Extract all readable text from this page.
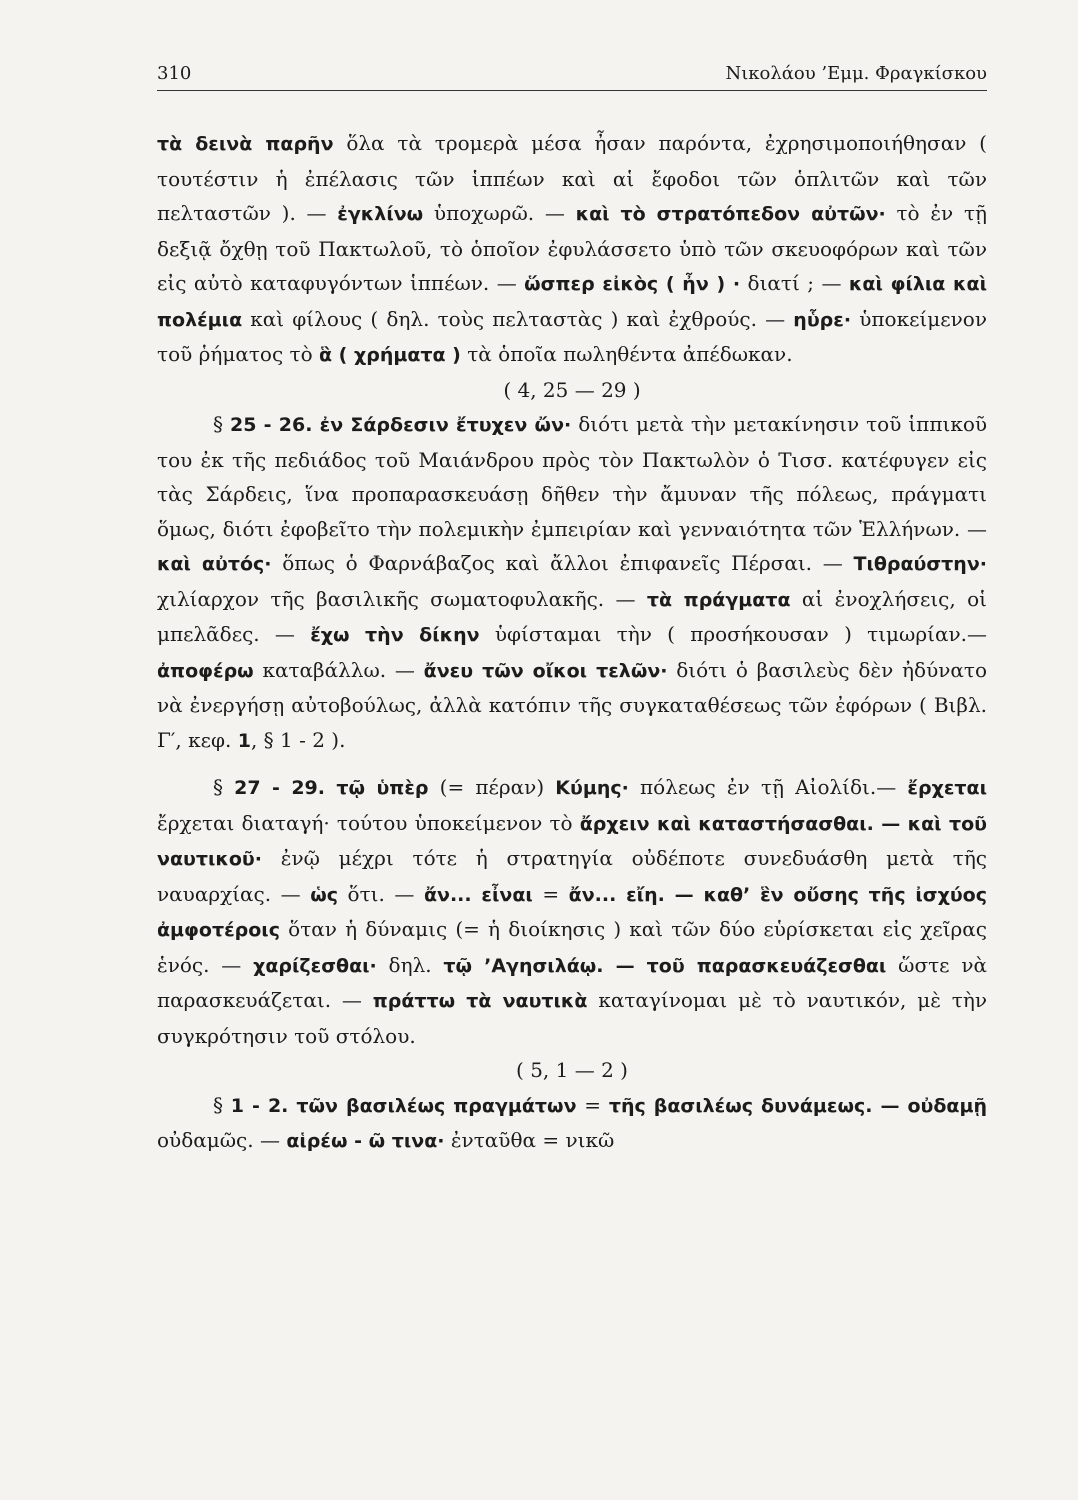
310	Νικολάου ’Εμμ. Φραγκίσκου

τὰ δεινὰ παρῆν ὅλα τὰ τρομερὰ μέσα ἦσαν παρόντα, ἐχρησιμοποιήθησαν ( τουτέστιν ἡ ἐπέλασις τῶν ἱππέων καὶ αἱ ἔφοδοι τῶν ὁπλιτῶν καὶ τῶν πελταστῶν ). — ἐγκλίνω ὑποχωρῶ. — καὶ τὸ στρατόπεδον αὐτῶν· τὸ ἐν τῇ δεξιᾷ ὄχθῃ τοῦ Πακτωλοῦ, τὸ ὁποῖον ἐφυλάσσετο ὑπὸ τῶν σκευοφόρων καὶ τῶν εἰς αὐτὸ καταφυγόντων ἱππέων. — ὥσπερ εἰκὸς ( ἦν ) · διατί ; — καὶ φίλια καὶ πολέμια καὶ φίλους ( δηλ. τοὺς πελταστὰς ) καὶ ἐχθρούς. — ηὗρε· ὑποκείμενον τοῦ ῥήματος τὸ ἃ ( χρήματα ) τὰ ὁποῖα πωληθέντα ἀπέδωκαν.

( 4, 25 — 29 )

§ 25 - 26. ἐν Σάρδεσιν ἔτυχεν ὤν· διότι μετὰ τὴν μετακίνησιν τοῦ ἱππικοῦ του ἐκ τῆς πεδιάδος τοῦ Μαιάνδρου πρὸς τὸν Πακτωλὸν ὁ Τισσ. κατέφυγεν εἰς τὰς Σάρδεις, ἵνα προπαρασκευάσῃ δῆθεν τὴν ἄμυναν τῆς πόλεως, πράγματι ὅμως, διότι ἐφοβεῖτο τὴν πολεμικὴν ἐμπειρίαν καὶ γενναιότητα τῶν Ἑλλήνων. — καὶ αὐτός· ὅπως ὁ Φαρνάβαζος καὶ ἄλλοι ἐπιφανεῖς Πέρσαι. — Τιθραύστην· χιλίαρχον τῆς βασιλικῆς σωματοφυλακῆς. — τὰ πράγματα αἱ ἐνοχλήσεις, οἱ μπελᾶδες. — ἔχω τὴν δίκην ὑφίσταμαι τὴν ( προσήκουσαν ) τιμωρίαν.— ἀποφέρω καταβάλλω. — ἄνευ τῶν οἴκοι τελῶν· διότι ὁ βασιλεὺς δὲν ἠδύνατο νὰ ἐνεργήσῃ αὐτοβούλως, ἀλλὰ κατόπιν τῆς συγκαταθέσεως τῶν ἐφόρων ( Βιβλ. Γ′, κεφ. 1, § 1 - 2 ).

§ 27 - 29. τῷ ὑπὲρ (= πέραν) Κύμης· πόλεως ἐν τῇ Αἰολίδι.— ἔρχεται ἔρχεται διαταγή· τούτου ὑποκείμενον τὸ ἄρχειν καὶ καταστήσασθαι. — καὶ τοῦ ναυτικοῦ· ἐνῷ μέχρι τότε ἡ στρατηγία οὐδέποτε συνεδυάσθη μετὰ τῆς ναυαρχίας. — ὡς ὅτι. — ἄν... εἶναι = ἄν... εἴη. — καθ’ ἓν οὔσης τῆς ἰσχύος ἀμφοτέροις ὅταν ἡ δύναμις (= ἡ διοίκησις ) καὶ τῶν δύο εὑρίσκεται εἰς χεῖρας ἑνός. — χαρίζεσθαι· δηλ. τῷ ’Αγησιλάῳ. — τοῦ παρασκευάζεσθαι ὥστε νὰ παρασκευάζεται. — πράττω τὰ ναυτικὰ καταγίνομαι μὲ τὸ ναυτικόν, μὲ τὴν συγκρότησιν τοῦ στόλου.

( 5, 1 — 2 )

§ 1 - 2. τῶν βασιλέως πραγμάτων = τῆς βασιλέως δυνάμεως. — οὐδαμῇ οὐδαμῶς. — αἱρέω - ῶ τινα· ἐνταῦθα = νικῶ
